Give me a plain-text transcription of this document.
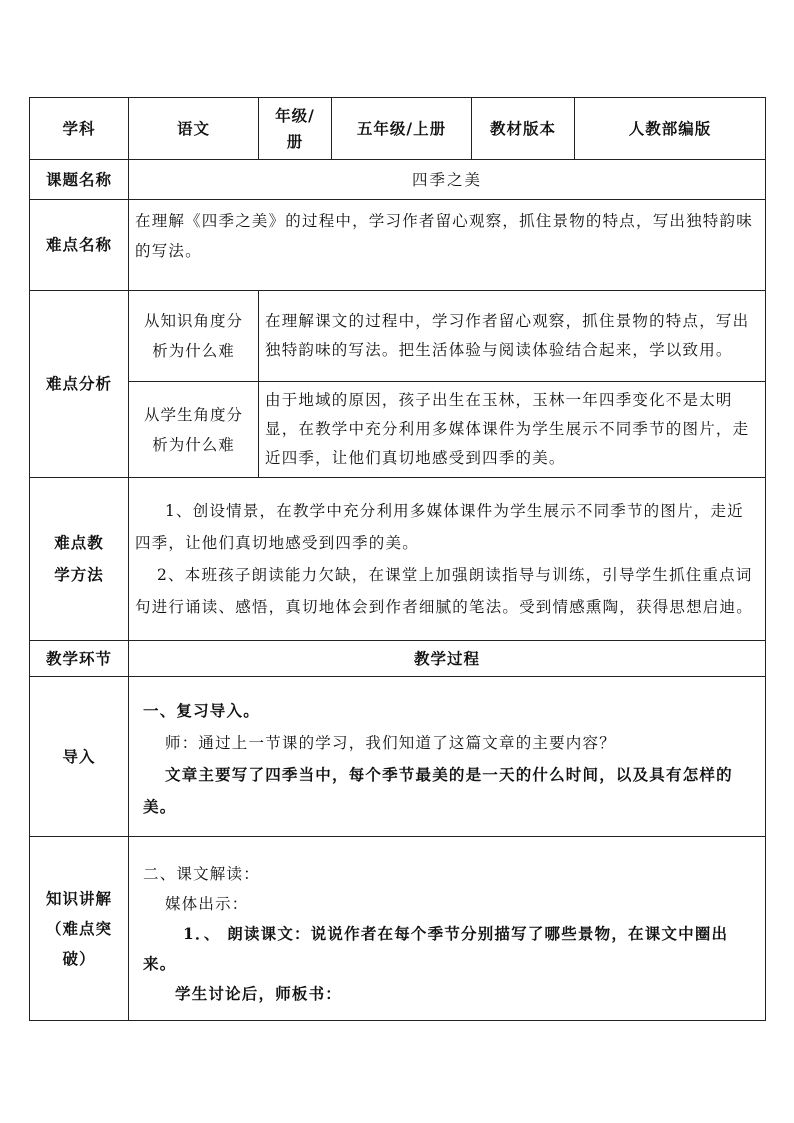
学科	语文	年级/册	五年级/上册	教材版本	人教部编版
课题名称	四季之美				
难点名称	在理解《四季之美》的过程中，学习作者留心观察，抓住景物的特点，写出独特韵味的写法。				
难点分析	从知识角度分析为什么难	在理解课文的过程中，学习作者留心观察，抓住景物的特点，写出独特韵味的写法。把生活体验与阅读体验结合起来，学以致用。			
	从学生角度分析为什么难	由于地域的原因，孩子出生在玉林，玉林一年四季变化不是太明显，在教学中充分利用多媒体课件为学生展示不同季节的图片，走近四季，让他们真切地感受到四季的美。			
难点教学方法	1、创设情景，在教学中充分利用多媒体课件为学生展示不同季节的图片，走近四季，让他们真切地感受到四季的美。

2、本班孩子朗读能力欠缺，在课堂上加强朗读指导与训练，引导学生抓住重点词句进行诵读、感悟，真切地体会到作者细腻的笔法。受到情感熏陶，获得思想启迪。				

教学环节	教学过程				
导入	一、复习导入。

师：通过上一节课的学习，我们知道了这篇文章的主要内容？

文章主要写了四季当中，每个季节最美的是一天的什么时间，以及具有怎样的美。				

知识讲解（难点突破）	二、课文解读：

媒体出示：

1．、 朗读课文：说说作者在每个季节分别描写了哪些景物，在课文中圈出来。

学生讨论后，师板书：				
